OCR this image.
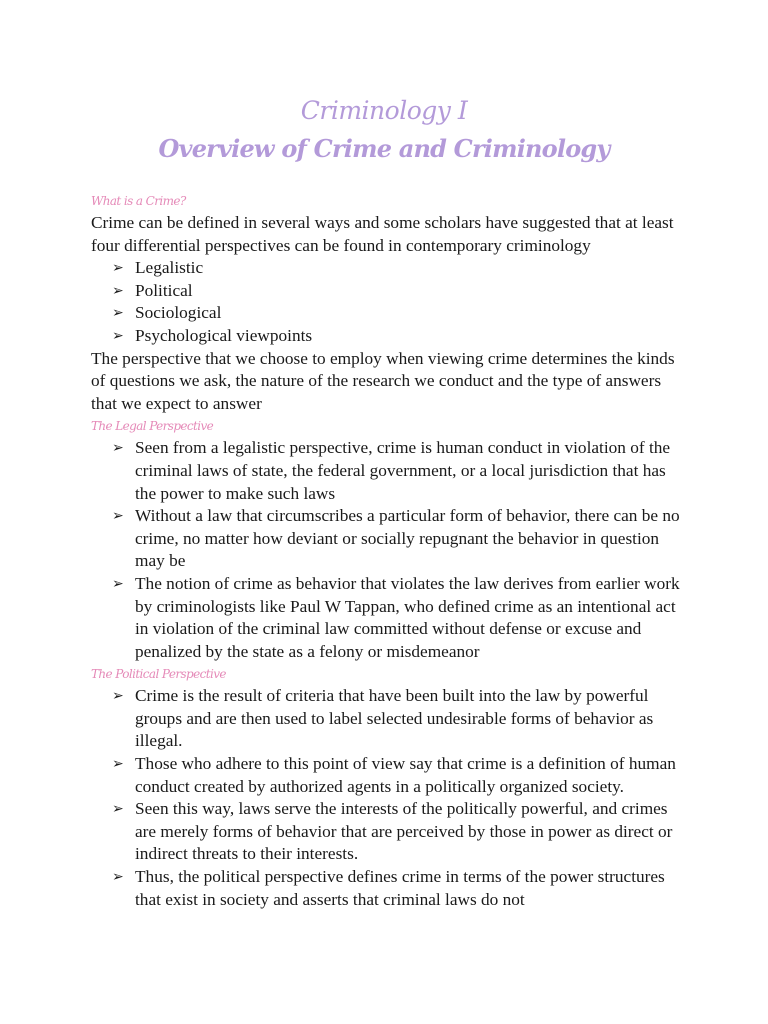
Criminology I
Overview of Crime and Criminology
What is a Crime?

Crime can be defined in several ways and some scholars have suggested that at least four differential perspectives can be found in contemporary criminology

➢ Legalistic
➢ Political
➢ Sociological
➢ Psychological viewpoints

The perspective that we choose to employ when viewing crime determines the kinds of questions we ask, the nature of the research we conduct and the type of answers that we expect to answer

The Legal Perspective
➢ Seen from a legalistic perspective, crime is human conduct in violation of the criminal laws of state, the federal government, or a local jurisdiction that has the power to make such laws
➢ Without a law that circumscribes a particular form of behavior, there can be no crime, no matter how deviant or socially repugnant the behavior in question may be
➢ The notion of crime as behavior that violates the law derives from earlier work by criminologists like Paul W Tappan, who defined crime as an intentional act in violation of the criminal law committed without defense or excuse and penalized by the state as a felony or misdemeanor
The Political Perspective
➢ Crime is the result of criteria that have been built into the law by powerful groups and are then used to label selected undesirable forms of behavior as illegal.
➢ Those who adhere to this point of view say that crime is a definition of human conduct created by authorized agents in a politically organized society.
➢ Seen this way, laws serve the interests of the politically powerful, and crimes are merely forms of behavior that are perceived by those in power as direct or indirect threats to their interests.
➢ Thus, the political perspective defines crime in terms of the power structures that exist in society and asserts that criminal laws do not
